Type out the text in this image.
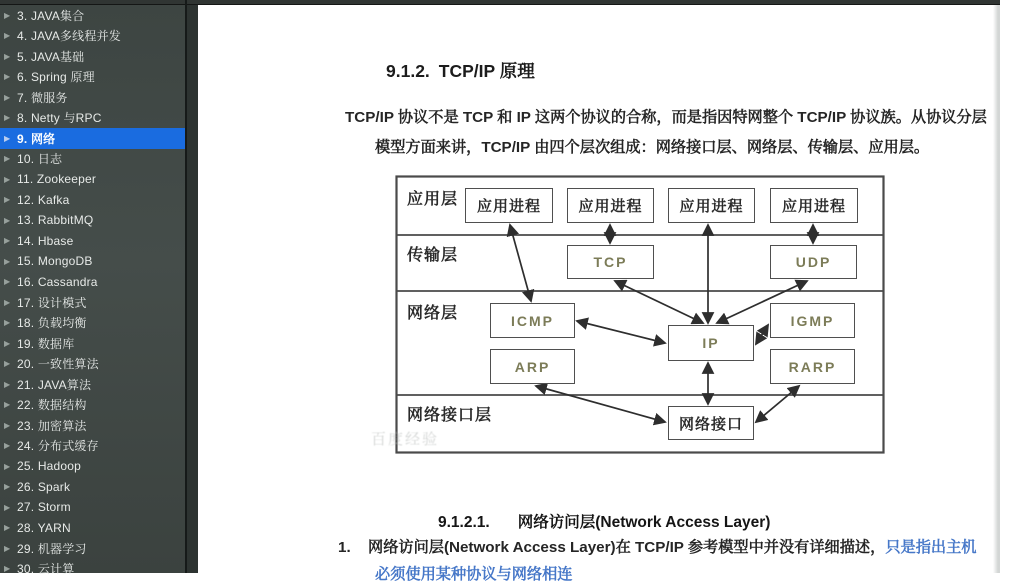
▶ 3. JAVA集合
▶ 4. JAVA多线程并发
▶ 5. JAVA基础
▶ 6. Spring 原理
▶ 7. 微服务
▶ 8. Netty 与RPC
▶ 9. 网络
▶ 10. 日志
▶ 11. Zookeeper
▶ 12. Kafka
▶ 13. RabbitMQ
▶ 14. Hbase
▶ 15. MongoDB
▶ 16. Cassandra
▶ 17. 设计模式
▶ 18. 负载均衡
▶ 19. 数据库
▶ 20. 一致性算法
▶ 21. JAVA算法
▶ 22. 数据结构
▶ 23. 加密算法
▶ 24. 分布式缓存
▶ 25. Hadoop
▶ 26. Spark
▶ 27. Storm
▶ 28. YARN
▶ 29. 机器学习
▶ 30. 云计算
9.1.2. TCP/IP 原理
TCP/IP 协议不是 TCP 和 IP 这两个协议的合称，而是指因特网整个 TCP/IP 协议族。从协议分层
模型方面来讲，TCP/IP 由四个层次组成：网络接口层、网络层、传输层、应用层。
应用层
传输层
网络层
网络接口层
应用进程	应用进程	应用进程	应用进程
TCP	UDP
ICMP	IGMP
IP
ARP	RARP
网络接口
百度经验
9.1.2.1. 网络访问层(Network Access Layer)
1. 网络访问层(Network Access Layer)在 TCP/IP 参考模型中并没有详细描述，只是指出主机
必须使用某种协议与网络相连
